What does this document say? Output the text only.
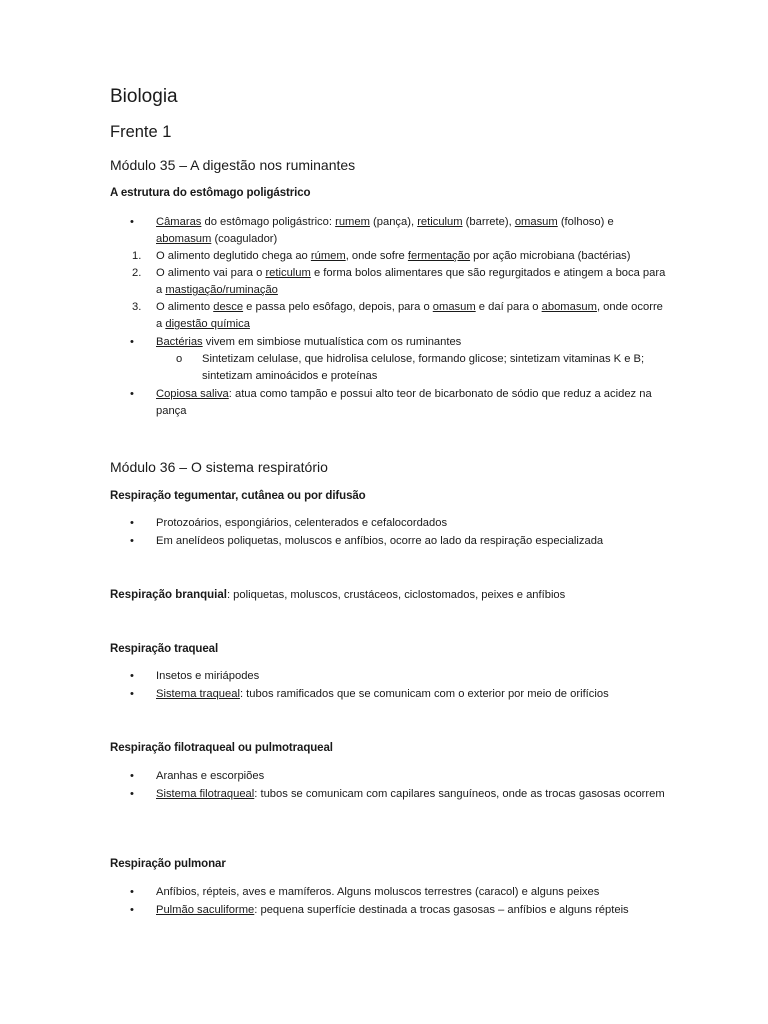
Biologia
Frente 1
Módulo 35 – A digestão nos ruminantes
A estrutura do estômago poligástrico
•	Câmaras do estômago poligástrico: rumem (pança), reticulum (barrete), omasum (folhoso) e abomasum (coagulador)
1.	O alimento deglutido chega ao rúmem, onde sofre fermentação por ação microbiana (bactérias)
2.	O alimento vai para o reticulum e forma bolos alimentares que são regurgitados e atingem a boca para a mastigação/ruminação
3.	O alimento desce e passa pelo esôfago, depois, para o omasum e daí para o abomasum, onde ocorre a digestão química
•	Bactérias vivem em simbiose mutualística com os ruminantes
o	Sintetizam celulase, que hidrolisa celulose, formando glicose; sintetizam vitaminas K e B; sintetizam aminoácidos e proteínas
•	Copiosa saliva: atua como tampão e possui alto teor de bicarbonato de sódio que reduz a acidez na pança
Módulo 36 – O sistema respiratório
Respiração tegumentar, cutânea ou por difusão
•	Protozoários, espongiários, celenterados e cefalocordados
•	Em anelídeos poliquetas, moluscos e anfíbios, ocorre ao lado da respiração especializada
Respiração branquial: poliquetas, moluscos, crustáceos, ciclostomados, peixes e anfíbios
Respiração traqueal
•	Insetos e miriápodes
•	Sistema traqueal: tubos ramificados que se comunicam com o exterior por meio de orifícios
Respiração filotraqueal ou pulmotraqueal
•	Aranhas e escorpiões
•	Sistema filotraqueal: tubos se comunicam com capilares sanguíneos, onde as trocas gasosas ocorrem
Respiração pulmonar
•	Anfíbios, répteis, aves e mamíferos. Alguns moluscos terrestres (caracol) e alguns peixes
•	Pulmão saculiforme: pequena superfície destinada a trocas gasosas – anfíbios e alguns répteis
